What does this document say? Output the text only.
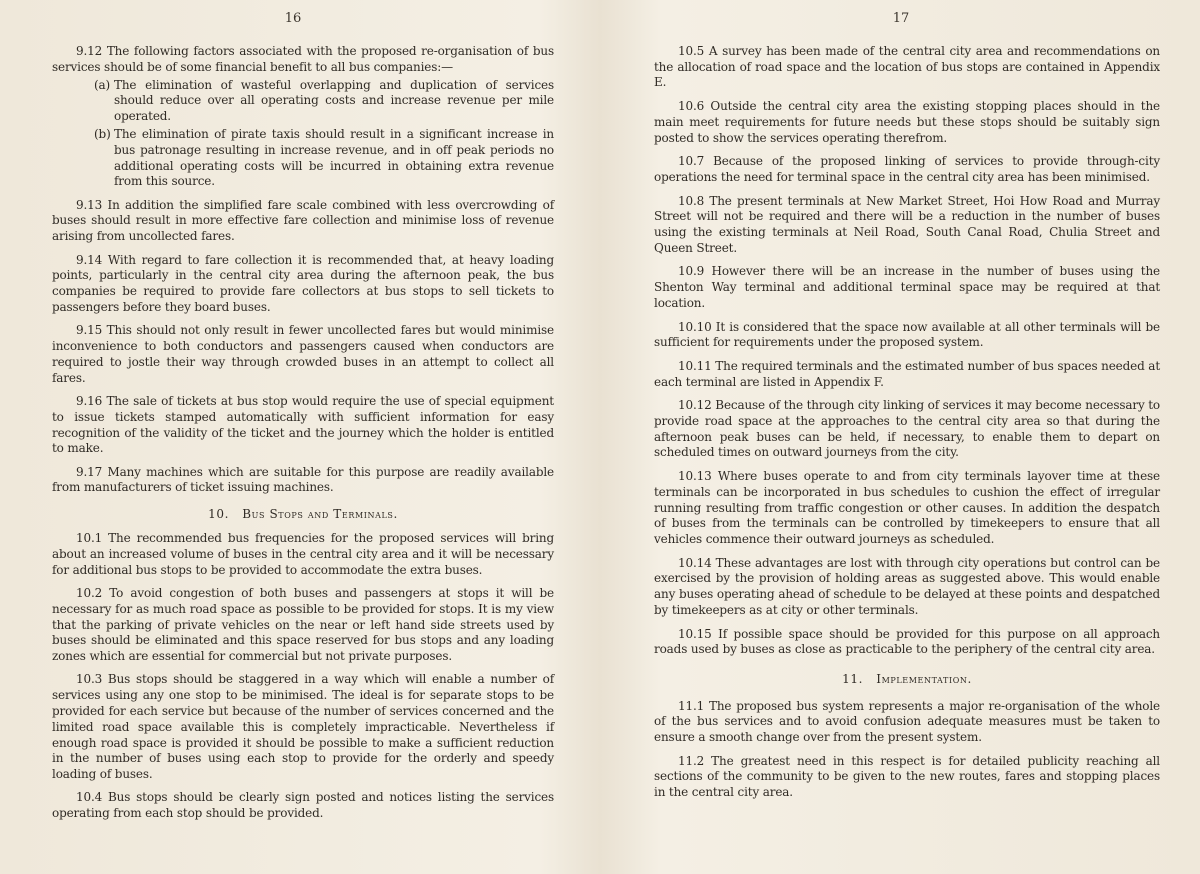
16

9.12 The following factors associated with the proposed re-organisation of bus services should be of some financial benefit to all bus companies:—

(a) The elimination of wasteful overlapping and duplication of services should reduce over all operating costs and increase revenue per mile operated.

(b) The elimination of pirate taxis should result in a significant increase in bus patronage resulting in increase revenue, and in off peak periods no additional operating costs will be incurred in obtaining extra revenue from this source.

9.13 In addition the simplified fare scale combined with less overcrowding of buses should result in more effective fare collection and minimise loss of revenue arising from uncollected fares.

9.14 With regard to fare collection it is recommended that, at heavy loading points, particularly in the central city area during the afternoon peak, the bus companies be required to provide fare collectors at bus stops to sell tickets to passengers before they board buses.

9.15 This should not only result in fewer uncollected fares but would minimise inconvenience to both conductors and passengers caused when conductors are required to jostle their way through crowded buses in an attempt to collect all fares.

9.16 The sale of tickets at bus stop would require the use of special equipment to issue tickets stamped automatically with sufficient information for easy recognition of the validity of the ticket and the journey which the holder is entitled to make.

9.17 Many machines which are suitable for this purpose are readily available from manufacturers of ticket issuing machines.

10. Bus Stops and Terminals.

10.1 The recommended bus frequencies for the proposed services will bring about an increased volume of buses in the central city area and it will be necessary for additional bus stops to be provided to accommodate the extra buses.

10.2 To avoid congestion of both buses and passengers at stops it will be necessary for as much road space as possible to be provided for stops. It is my view that the parking of private vehicles on the near or left hand side streets used by buses should be eliminated and this space reserved for bus stops and any loading zones which are essential for commercial but not private purposes.

10.3 Bus stops should be staggered in a way which will enable a number of services using any one stop to be minimised. The ideal is for separate stops to be provided for each service but because of the number of services concerned and the limited road space available this is completely impracticable. Nevertheless if enough road space is provided it should be possible to make a sufficient reduction in the number of buses using each stop to provide for the orderly and speedy loading of buses.

10.4 Bus stops should be clearly sign posted and notices listing the services operating from each stop should be provided.

17

10.5 A survey has been made of the central city area and recommendations on the allocation of road space and the location of bus stops are contained in Appendix E.

10.6 Outside the central city area the existing stopping places should in the main meet requirements for future needs but these stops should be suitably sign posted to show the services operating therefrom.

10.7 Because of the proposed linking of services to provide through-city operations the need for terminal space in the central city area has been minimised.

10.8 The present terminals at New Market Street, Hoi How Road and Murray Street will not be required and there will be a reduction in the number of buses using the existing terminals at Neil Road, South Canal Road, Chulia Street and Queen Street.

10.9 However there will be an increase in the number of buses using the Shenton Way terminal and additional terminal space may be required at that location.

10.10 It is considered that the space now available at all other terminals will be sufficient for requirements under the proposed system.

10.11 The required terminals and the estimated number of bus spaces needed at each terminal are listed in Appendix F.

10.12 Because of the through city linking of services it may become necessary to provide road space at the approaches to the central city area so that during the afternoon peak buses can be held, if necessary, to enable them to depart on scheduled times on outward journeys from the city.

10.13 Where buses operate to and from city terminals layover time at these terminals can be incorporated in bus schedules to cushion the effect of irregular running resulting from traffic congestion or other causes. In addition the despatch of buses from the terminals can be controlled by timekeepers to ensure that all vehicles commence their outward journeys as scheduled.

10.14 These advantages are lost with through city operations but control can be exercised by the provision of holding areas as suggested above. This would enable any buses operating ahead of schedule to be delayed at these points and despatched by timekeepers as at city or other terminals.

10.15 If possible space should be provided for this purpose on all approach roads used by buses as close as practicable to the periphery of the central city area.

11. Implementation.

11.1 The proposed bus system represents a major re-organisation of the whole of the bus services and to avoid confusion adequate measures must be taken to ensure a smooth change over from the present system.

11.2 The greatest need in this respect is for detailed publicity reaching all sections of the community to be given to the new routes, fares and stopping places in the central city area.
